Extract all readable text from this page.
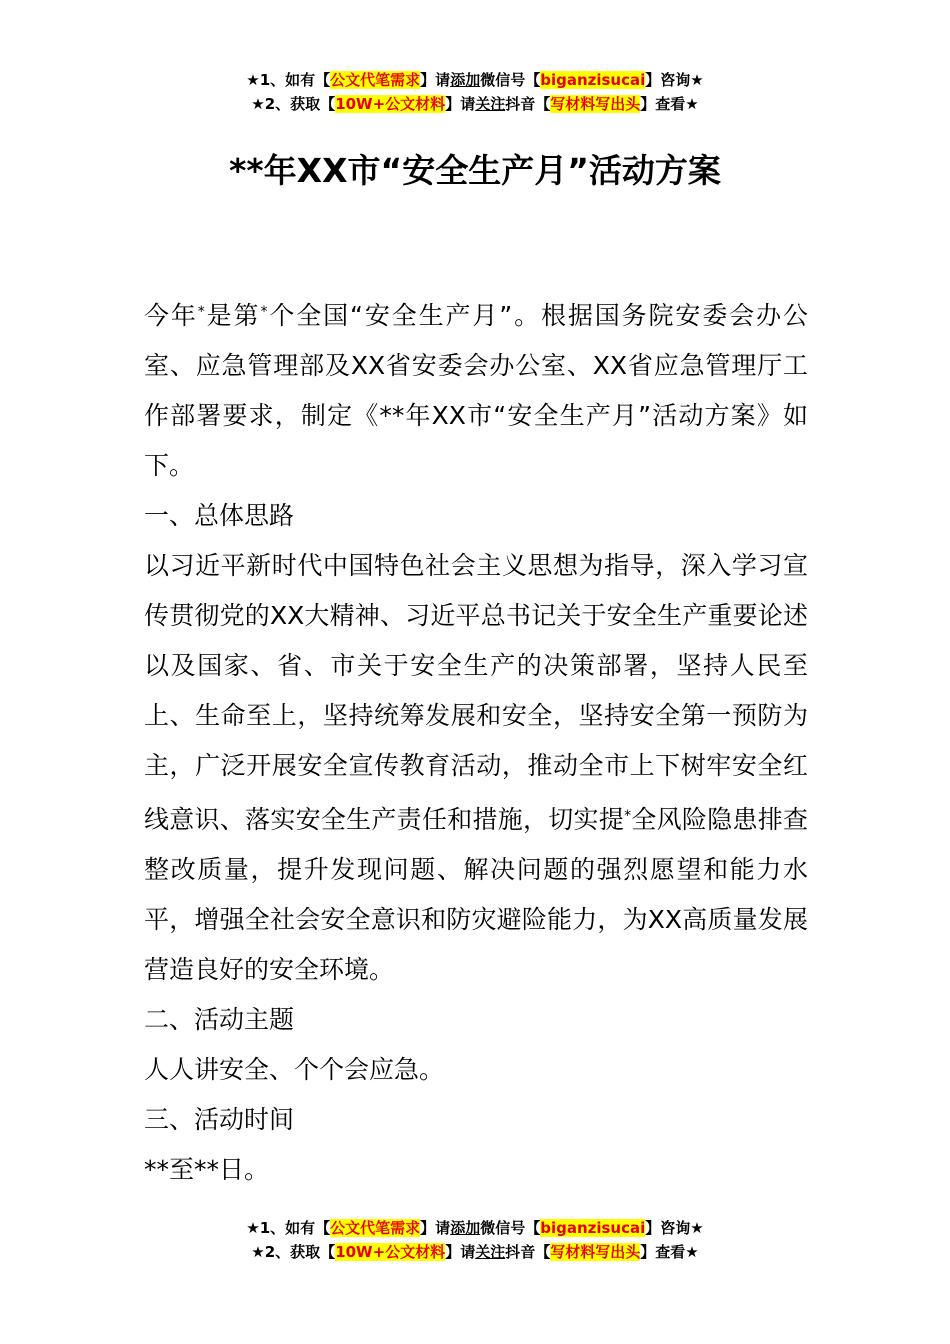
★1、如有【公文代笔需求】请添加微信号【biganzisucai】咨询★
★2、获取【10W+公文材料】请关注抖音【写材料写出头】查看★
**年XX市“安全生产月”活动方案

今年*是第*个全国“安全生产月”。根据国务院安委会办公室、应急管理部及XX省安委会办公室、XX省应急管理厅工作部署要求，制定《**年XX市“安全生产月”活动方案》如下。

一、总体思路

以习近平新时代中国特色社会主义思想为指导，深入学习宣传贯彻党的XX大精神、习近平总书记关于安全生产重要论述以及国家、省、市关于安全生产的决策部署，坚持人民至上、生命至上，坚持统筹发展和安全，坚持安全第一预防为主，广泛开展安全宣传教育活动，推动全市上下树牢安全红线意识、落实安全生产责任和措施，切实提*全风险隐患排查整改质量，提升发现问题、解决问题的强烈愿望和能力水平，增强全社会安全意识和防灾避险能力，为XX高质量发展营造良好的安全环境。

二、活动主题

人人讲安全、个个会应急。

三、活动时间

**至**日。

★1、如有【公文代笔需求】请添加微信号【biganzisucai】咨询★
★2、获取【10W+公文材料】请关注抖音【写材料写出头】查看★
